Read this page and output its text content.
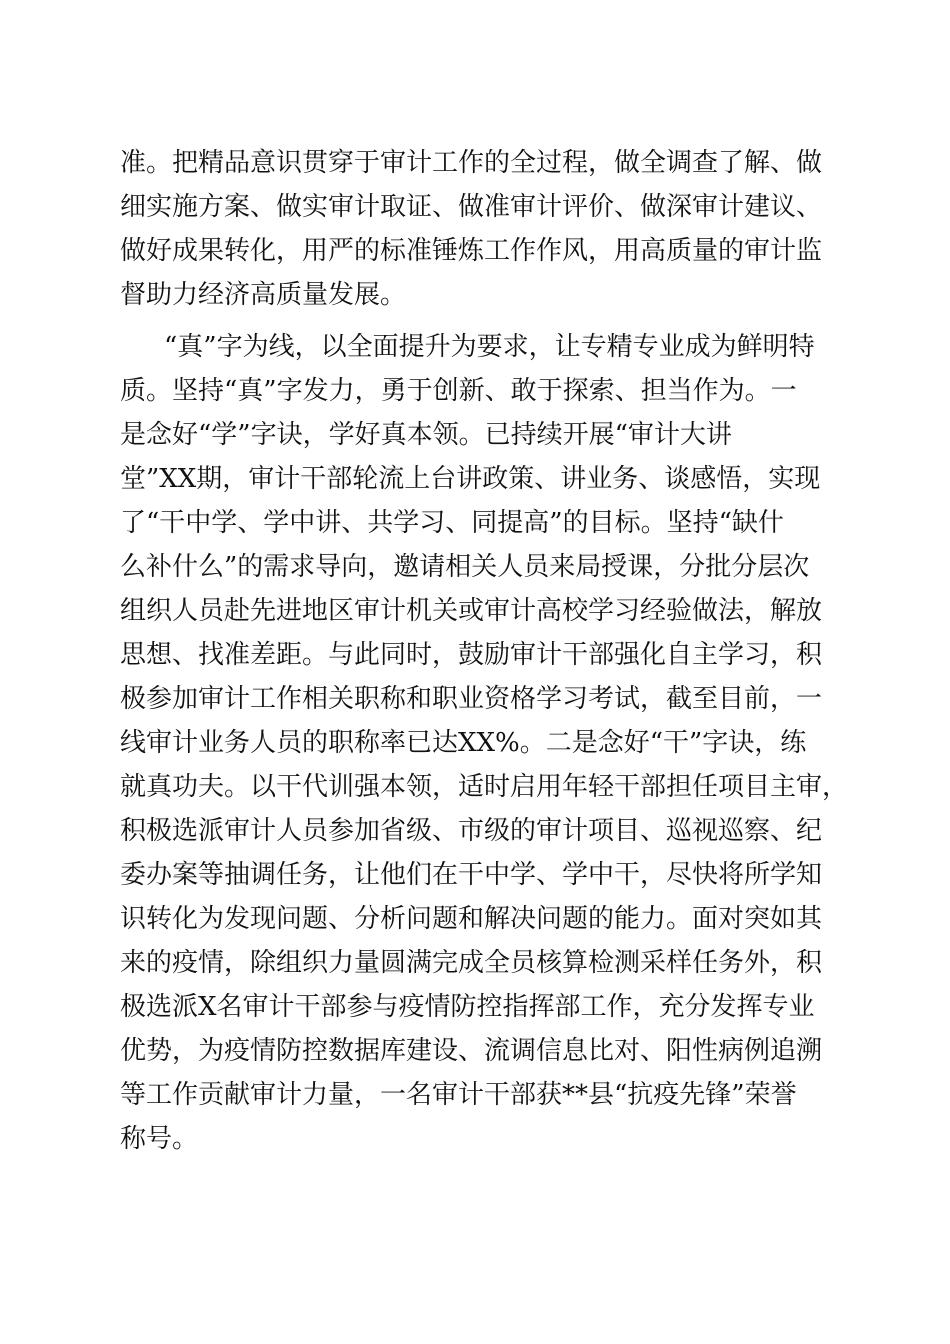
准。把精品意识贯穿于审计工作的全过程，做全调查了解、做
细实施方案、做实审计取证、做准审计评价、做深审计建议、
做好成果转化，用严的标准锤炼工作作风，用高质量的审计监
督助力经济高质量发展。
“真”字为线，以全面提升为要求，让专精专业成为鲜明特
质。坚持“真”字发力，勇于创新、敢于探索、担当作为。一
是念好“学”字诀，学好真本领。已持续开展“审计大讲
堂”XX期，审计干部轮流上台讲政策、讲业务、谈感悟，实现
了“干中学、学中讲、共学习、同提高”的目标。坚持“缺什
么补什么”的需求导向，邀请相关人员来局授课，分批分层次
组织人员赴先进地区审计机关或审计高校学习经验做法，解放
思想、找准差距。与此同时，鼓励审计干部强化自主学习，积
极参加审计工作相关职称和职业资格学习考试，截至目前，一
线审计业务人员的职称率已达XX%。二是念好“干”字诀，练
就真功夫。以干代训强本领，适时启用年轻干部担任项目主审，
积极选派审计人员参加省级、市级的审计项目、巡视巡察、纪
委办案等抽调任务，让他们在干中学、学中干，尽快将所学知
识转化为发现问题、分析问题和解决问题的能力。面对突如其
来的疫情，除组织力量圆满完成全员核算检测采样任务外，积
极选派X名审计干部参与疫情防控指挥部工作，充分发挥专业
优势，为疫情防控数据库建设、流调信息比对、阳性病例追溯
等工作贡献审计力量，一名审计干部获**县“抗疫先锋”荣誉
称号。
